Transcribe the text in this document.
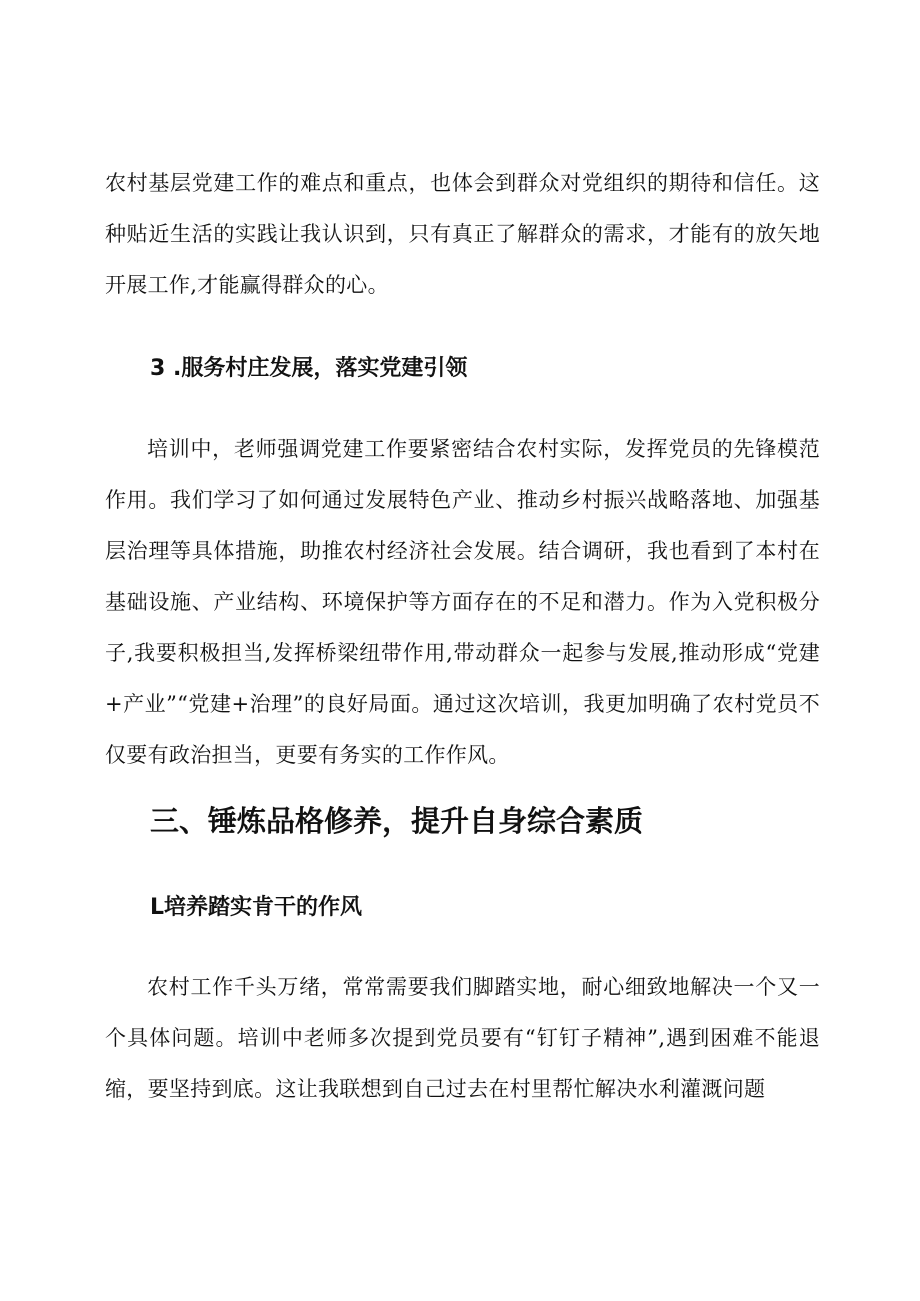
农村基层党建工作的难点和重点，也体会到群众对党组织的期待和信任。这种贴近生活的实践让我认识到，只有真正了解群众的需求，才能有的放矢地开展工作,才能赢得群众的心。

3 .服务村庄发展，落实党建引领

培训中，老师强调党建工作要紧密结合农村实际，发挥党员的先锋模范作用。我们学习了如何通过发展特色产业、推动乡村振兴战略落地、加强基层治理等具体措施，助推农村经济社会发展。结合调研，我也看到了本村在基础设施、产业结构、环境保护等方面存在的不足和潜力。作为入党积极分子,我要积极担当,发挥桥梁纽带作用,带动群众一起参与发展,推动形成“党建+产业”“党建+治理”的良好局面。通过这次培训，我更加明确了农村党员不仅要有政治担当，更要有务实的工作作风。

三、锤炼品格修养，提升自身综合素质
L培养踏实肯干的作风

农村工作千头万绪，常常需要我们脚踏实地，耐心细致地解决一个又一个具体问题。培训中老师多次提到党员要有“钉钉子精神”,遇到困难不能退缩，要坚持到底。这让我联想到自己过去在村里帮忙解决水利灌溉问题
